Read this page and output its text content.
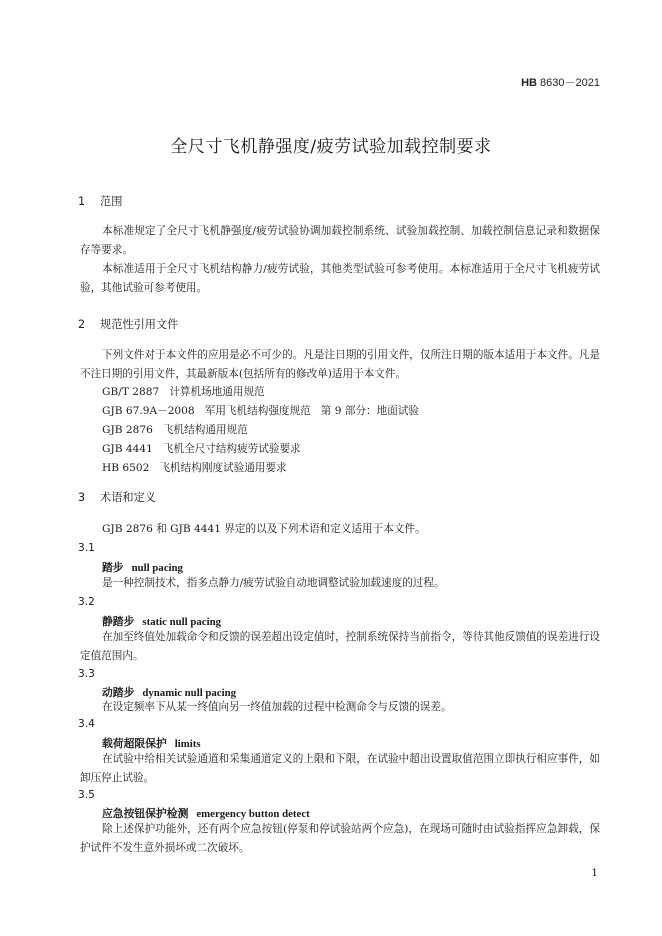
HB 8630－2021
全尺寸飞机静强度/疲劳试验加载控制要求
1 范围
本标准规定了全尺寸飞机静强度/疲劳试验协调加载控制系统、试验加载控制、加载控制信息记录和数据保存等要求。
本标准适用于全尺寸飞机结构静力/疲劳试验，其他类型试验可参考使用。本标准适用于全尺寸飞机疲劳试验，其他试验可参考使用。
2 规范性引用文件
下列文件对于本文件的应用是必不可少的。凡是注日期的引用文件，仅所注日期的版本适用于本文件。凡是不注日期的引用文件，其最新版本(包括所有的修改单)适用于本文件。
GB/T 2887   计算机场地通用规范
GJB 67.9A－2008   军用飞机结构强度规范   第 9 部分：地面试验
GJB 2876   飞机结构通用规范
GJB 4441   飞机全尺寸结构疲劳试验要求
HB 6502   飞机结构刚度试验通用要求
3 术语和定义
GJB 2876 和 GJB 4441 界定的以及下列术语和定义适用于本文件。
3.1
踏步 null pacing
是一种控制技术，指多点静力/疲劳试验自动地调整试验加载速度的过程。
3.2
静踏步 static null pacing
在加至终值处加载命令和反馈的误差超出设定值时，控制系统保持当前指令，等待其他反馈值的误差进行设定值范围内。
3.3
动踏步 dynamic null pacing
在设定频率下从某一终值向另一终值加载的过程中检测命令与反馈的误差。
3.4
载荷超限保护 limits
在试验中给相关试验通道和采集通道定义的上限和下限，在试验中超出设置取值范围立即执行相应事件，如卸压停止试验。
3.5
应急按钮保护检测 emergency button detect
除上述保护功能外，还有两个应急按钮(停泵和停试验站两个应急)，在现场可随时由试验指挥应急卸载，保护试件不发生意外损坏或二次破坏。
1
